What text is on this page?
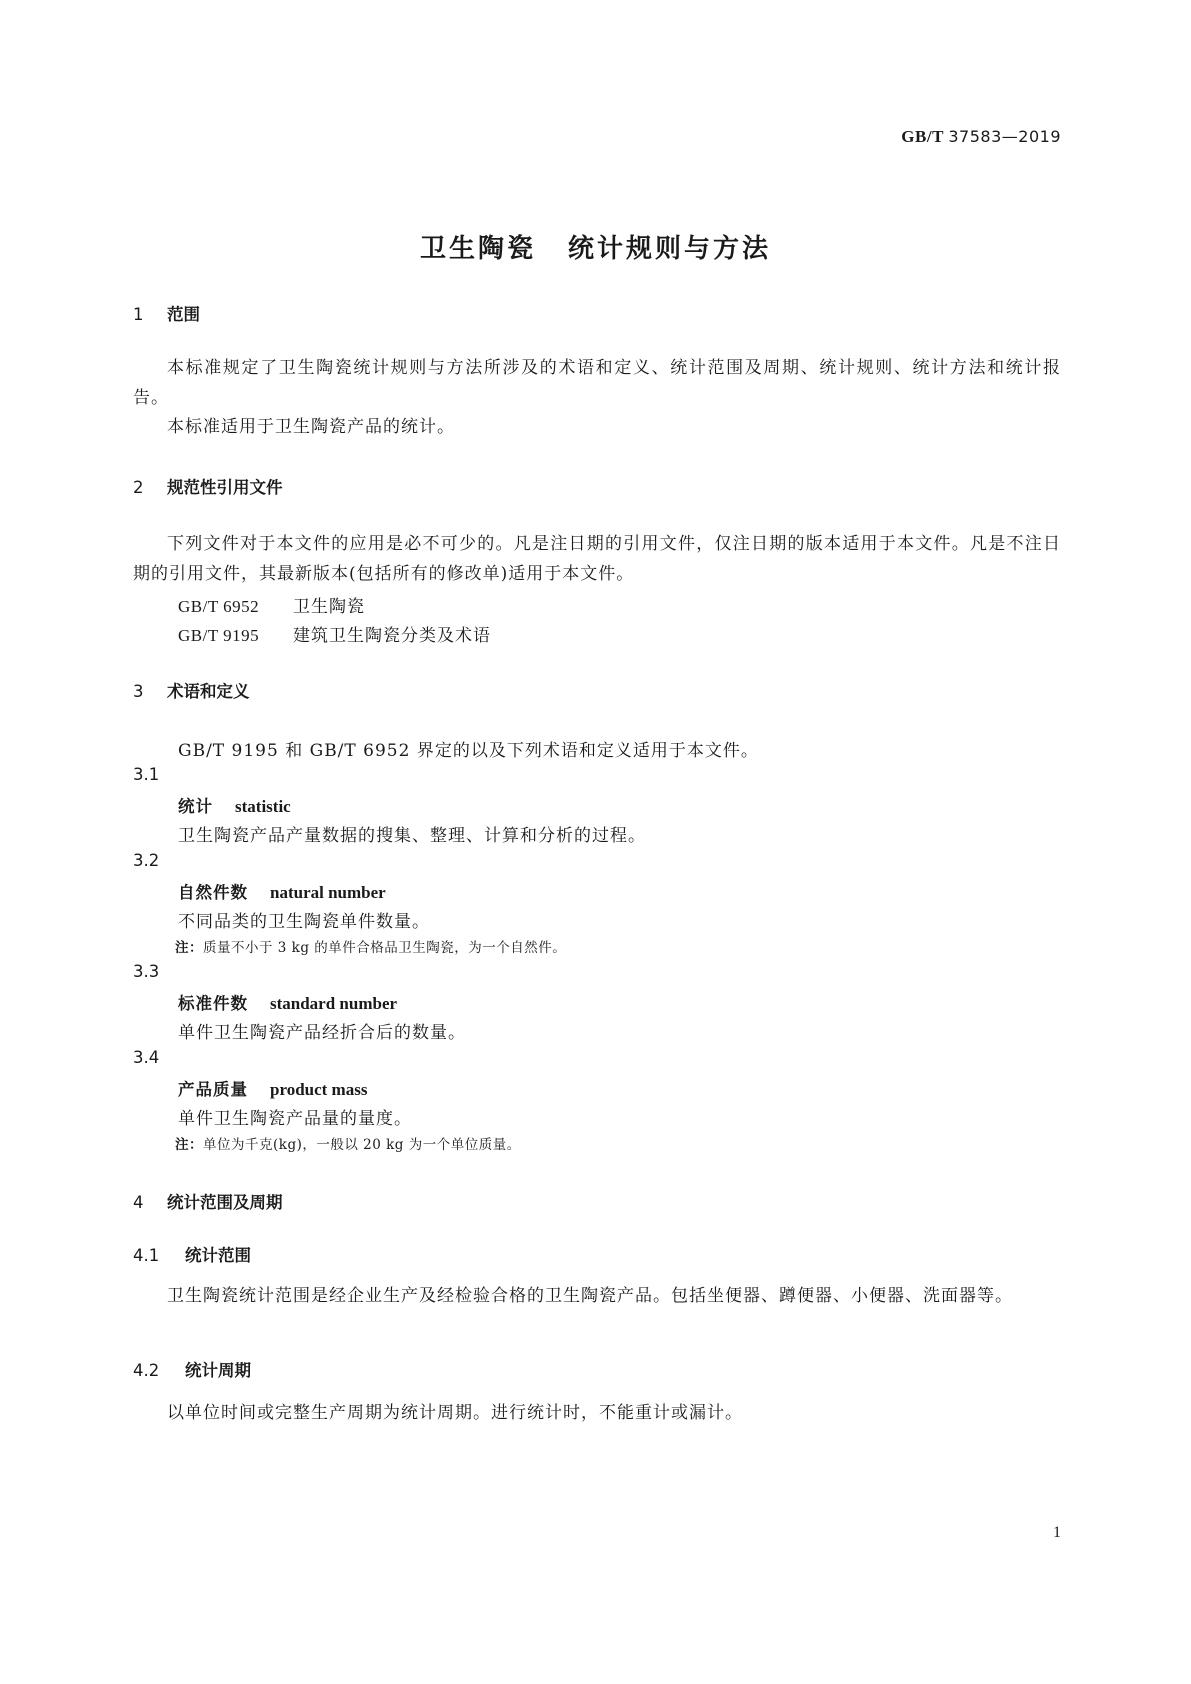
GB/T 37583—2019
卫生陶瓷 统计规则与方法
1 范围
本标准规定了卫生陶瓷统计规则与方法所涉及的术语和定义、统计范围及周期、统计规则、统计方法和统计报告。
本标准适用于卫生陶瓷产品的统计。
2 规范性引用文件
下列文件对于本文件的应用是必不可少的。凡是注日期的引用文件，仅注日期的版本适用于本文件。凡是不注日期的引用文件，其最新版本(包括所有的修改单)适用于本文件。
GB/T 6952 卫生陶瓷
GB/T 9195 建筑卫生陶瓷分类及术语
3 术语和定义
GB/T 9195 和 GB/T 6952 界定的以及下列术语和定义适用于本文件。
3.1
统计 statistic
卫生陶瓷产品产量数据的搜集、整理、计算和分析的过程。
3.2
自然件数 natural number
不同品类的卫生陶瓷单件数量。
注：质量不小于 3 kg 的单件合格品卫生陶瓷，为一个自然件。
3.3
标准件数 standard number
单件卫生陶瓷产品经折合后的数量。
3.4
产品质量 product mass
单件卫生陶瓷产品量的量度。
注：单位为千克(kg)，一般以 20 kg 为一个单位质量。
4 统计范围及周期
4.1 统计范围
卫生陶瓷统计范围是经企业生产及经检验合格的卫生陶瓷产品。包括坐便器、蹲便器、小便器、洗面器等。
4.2 统计周期
以单位时间或完整生产周期为统计周期。进行统计时，不能重计或漏计。
1
